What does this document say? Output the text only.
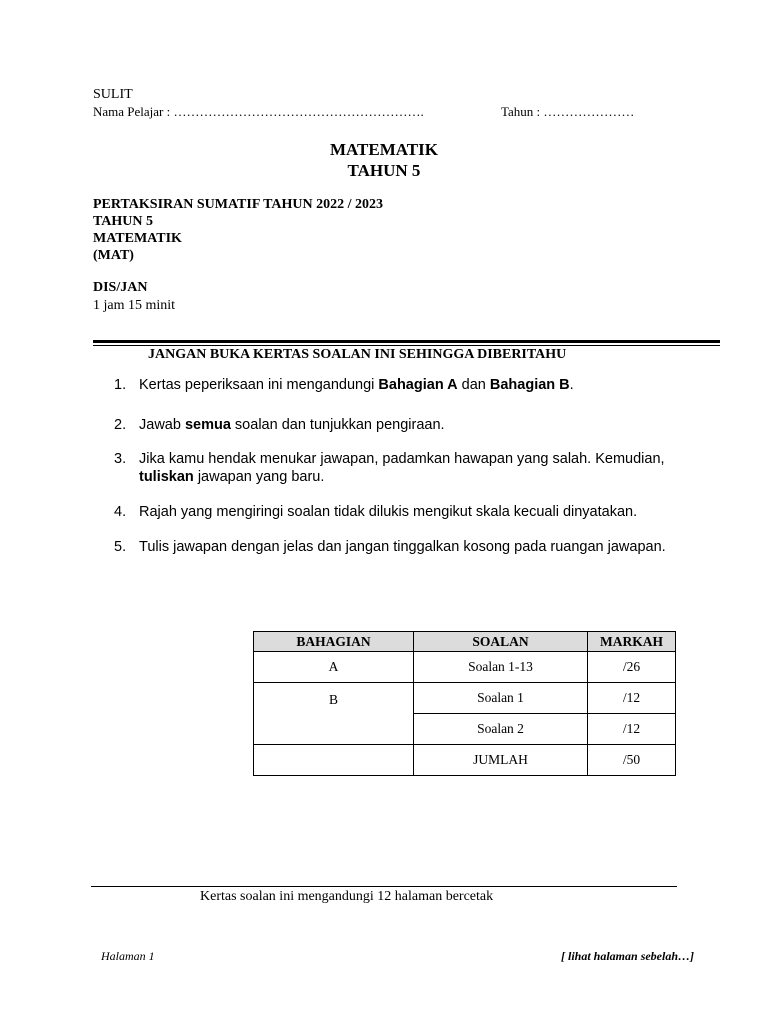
SULIT
Nama Pelajar : ………………………………………………….	Tahun : …………………
MATEMATIK
TAHUN 5
PERTAKSIRAN SUMATIF TAHUN 2022 / 2023
TAHUN 5
MATEMATIK
(MAT)
DIS/JAN
1 jam 15 minit
JANGAN BUKA KERTAS SOALAN INI SEHINGGA DIBERITAHU
1. Kertas peperiksaan ini mengandungi Bahagian A dan Bahagian B.
2. Jawab semua soalan dan tunjukkan pengiraan.
3. Jika kamu hendak menukar jawapan, padamkan hawapan yang salah. Kemudian, tuliskan jawapan yang baru.
4. Rajah yang mengiringi soalan tidak dilukis mengikut skala kecuali dinyatakan.
5. Tulis jawapan dengan jelas dan jangan tinggalkan kosong pada ruangan jawapan.
BAHAGIAN	SOALAN	MARKAH
A	Soalan 1-13	/26
B	Soalan 1	/12
	Soalan 2	/12
	JUMLAH	/50
Kertas soalan ini mengandungi 12 halaman bercetak
Halaman 1	[ lihat halaman sebelah…]
